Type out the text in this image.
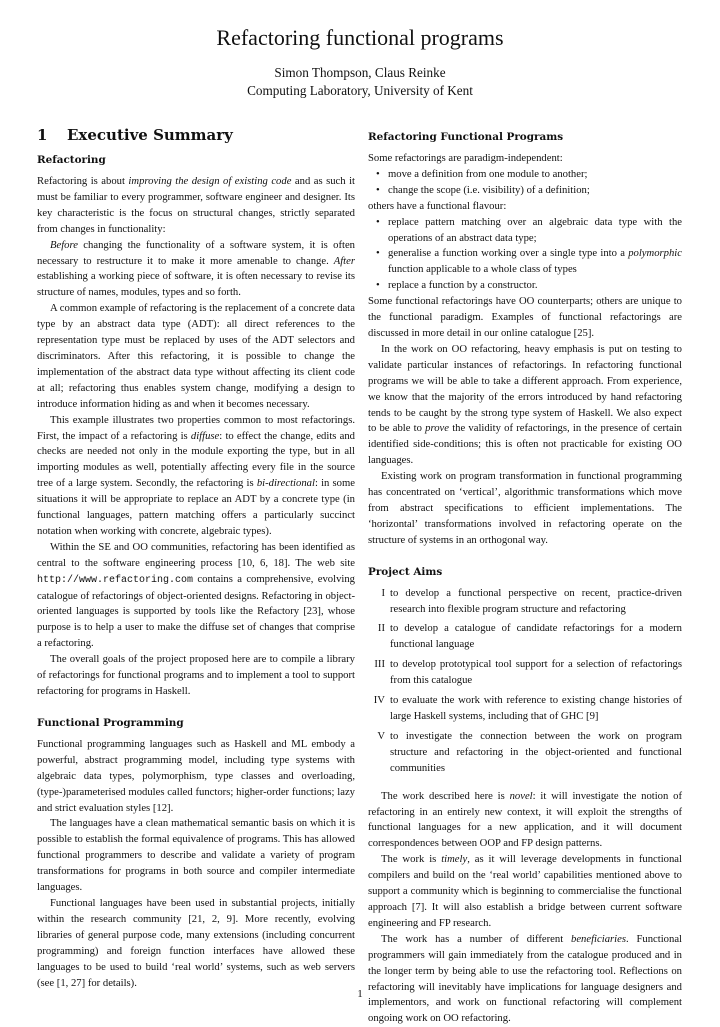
Refactoring functional programs
Simon Thompson, Claus Reinke
Computing Laboratory, University of Kent
1 Executive Summary
Refactoring

Refactoring is about improving the design of existing code and as such it must be familiar to every programmer, software engineer and designer. Its key characteristic is the focus on structural changes, strictly separated from changes in functionality:

Before changing the functionality of a software system, it is often necessary to restructure it to make it more amenable to change. After establishing a working piece of software, it is often necessary to revise its structure of names, modules, types and so forth.

A common example of refactoring is the replacement of a concrete data type by an abstract data type (ADT): all direct references to the representation type must be replaced by uses of the ADT selectors and discriminators. After this refactoring, it is possible to change the implementation of the abstract data type without affecting its client code at all; refactoring thus enables system change, modifying a design to introduce information hiding as and when it becomes necessary.

This example illustrates two properties common to most refactorings. First, the impact of a refactoring is diffuse: to effect the change, edits and checks are needed not only in the module exporting the type, but in all importing modules as well, potentially affecting every file in the source tree of a large system. Secondly, the refactoring is bi-directional: in some situations it will be appropriate to replace an ADT by a concrete type (in functional languages, pattern matching offers a particularly succinct notation when working with concrete, algebraic types).

Within the SE and OO communities, refactoring has been identified as central to the software engineering process [10, 6, 18]. The web site http://www.refactoring.com contains a comprehensive, evolving catalogue of refactorings of object-oriented designs. Refactoring in object-oriented languages is supported by tools like the Refactory [23], whose purpose is to help a user to make the diffuse set of changes that comprise a refactoring.

The overall goals of the project proposed here are to compile a library of refactorings for functional programs and to implement a tool to support refactoring for programs in Haskell.

Functional Programming

Functional programming languages such as Haskell and ML embody a powerful, abstract programming model, including type systems with algebraic data types, polymorphism, type classes and overloading, (type-)parameterised modules called functors; higher-order functions; lazy and strict evaluation styles [12].

The languages have a clean mathematical semantic basis on which it is possible to establish the formal equivalence of programs. This has allowed functional programmers to describe and validate a variety of program transformations for programs in both source and compiler intermediate languages.

Functional languages have been used in substantial projects, initially within the research community [21, 2, 9]. More recently, evolving libraries of general purpose code, many extensions (including concurrent programming) and foreign function interfaces have allowed these languages to be used to build ‘real world’ systems, such as web servers (see [1, 27] for details).

Refactoring Functional Programs

Some refactorings are paradigm-independent:

• move a definition from one module to another;
• change the scope (i.e. visibility) of a definition;

others have a functional flavour:

• replace pattern matching over an algebraic data type with the operations of an abstract data type;
• generalise a function working over a single type into a polymorphic function applicable to a whole class of types
• replace a function by a constructor.

Some functional refactorings have OO counterparts; others are unique to the functional paradigm. Examples of functional refactorings are discussed in more detail in our online catalogue [25].

In the work on OO refactoring, heavy emphasis is put on testing to validate particular instances of refactorings. In refactoring functional programs we will be able to take a different approach. From experience, we know that the majority of the errors introduced by hand refactoring tends to be caught by the strong type system of Haskell. We also expect to be able to prove the validity of refactorings, in the presence of certain identified side-conditions; this is often not practicable for existing OO languages.

Existing work on program transformation in functional programming has concentrated on ‘vertical’, algorithmic transformations which move from abstract specifications to efficient implementations. The ‘horizontal’ transformations involved in refactoring operate on the structure of systems in an orthogonal way.

Project Aims
I to develop a functional perspective on recent, practice-driven research into flexible program structure and refactoring
II to develop a catalogue of candidate refactorings for a modern functional language
III to develop prototypical tool support for a selection of refactorings from this catalogue
IV to evaluate the work with reference to existing change histories of large Haskell systems, including that of GHC [9]
V to investigate the connection between the work on program structure and refactoring in the object-oriented and functional communities

The work described here is novel: it will investigate the notion of refactoring in an entirely new context, it will exploit the strengths of functional languages for a new application, and it will document correspondences between OOP and FP design patterns.

The work is timely, as it will leverage developments in functional compilers and build on the ‘real world’ capabilities mentioned above to support a community which is beginning to commercialise the functional approach [7]. It will also establish a bridge between current software engineering and FP research.

The work has a number of different beneficiaries. Functional programmers will gain immediately from the catalogue produced and in the longer term by being able to use the refactoring tool. Reflections on refactoring will inevitably have implications for language designers and implementors, and work on functional refactoring will complement ongoing work on OO refactoring.

1
